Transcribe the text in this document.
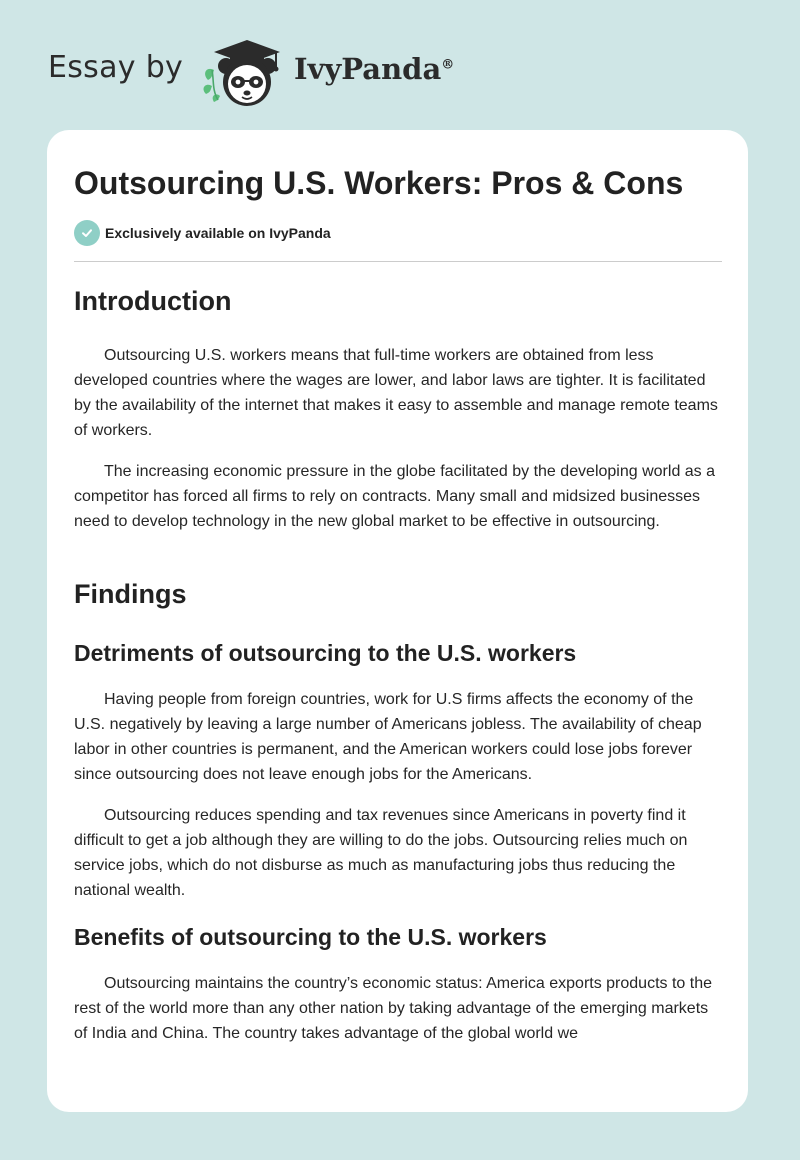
Essay by	IvyPanda®
Outsourcing U.S. Workers: Pros & Cons
Exclusively available on IvyPanda
Introduction

Outsourcing U.S. workers means that full-time workers are obtained from less developed countries where the wages are lower, and labor laws are tighter. It is facilitated by the availability of the internet that makes it easy to assemble and manage remote teams of workers.

The increasing economic pressure in the globe facilitated by the developing world as a competitor has forced all firms to rely on contracts. Many small and midsized businesses need to develop technology in the new global market to be effective in outsourcing.

Findings
Detriments of outsourcing to the U.S. workers

Having people from foreign countries, work for U.S firms affects the economy of the U.S. negatively by leaving a large number of Americans jobless. The availability of cheap labor in other countries is permanent, and the American workers could lose jobs forever since outsourcing does not leave enough jobs for the Americans.

Outsourcing reduces spending and tax revenues since Americans in poverty find it difficult to get a job although they are willing to do the jobs. Outsourcing relies much on service jobs, which do not disburse as much as manufacturing jobs thus reducing the national wealth.

Benefits of outsourcing to the U.S. workers

Outsourcing maintains the country’s economic status: America exports products to the rest of the world more than any other nation by taking advantage of the emerging markets of India and China. The country takes advantage of the global world we
